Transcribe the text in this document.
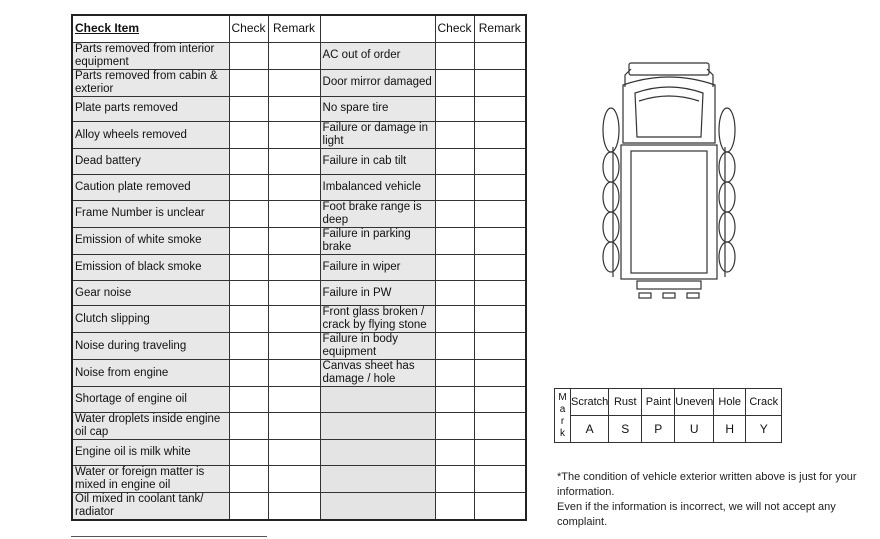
Check Item	Check	Remark		Check	Remark

Parts removed from interior equipment			AC out of order		

Parts removed from cabin & exterior			Door mirror damaged		

Plate parts removed			No spare tire		

Alloy wheels removed			Failure or damage in light		

Dead battery			Failure in cab tilt		

Caution plate removed			Imbalanced vehicle		

Frame Number is unclear			Foot brake range is deep		

Emission of white smoke			Failure in parking brake		

Emission of black smoke			Failure in wiper		

Gear noise			Failure in PW		

Clutch slipping			Front glass broken / crack by flying stone		

Noise during traveling			Failure in body equipment		

Noise from engine			Canvas sheet has damage / hole		

Shortage of engine oil					

Water droplets inside engine oil cap					

Engine oil is milk white					

Water or foreign matter is mixed in engine oil					

Oil mixed in coolant tank/ radiator					

M
a
r
k	Scratch	Rust	Paint	Uneven	Hole	Crack
	A	S	P	U	H	Y

*The condition of vehicle exterior written above is just for your information.

Even if the information is incorrect, we will not accept any complaint.
